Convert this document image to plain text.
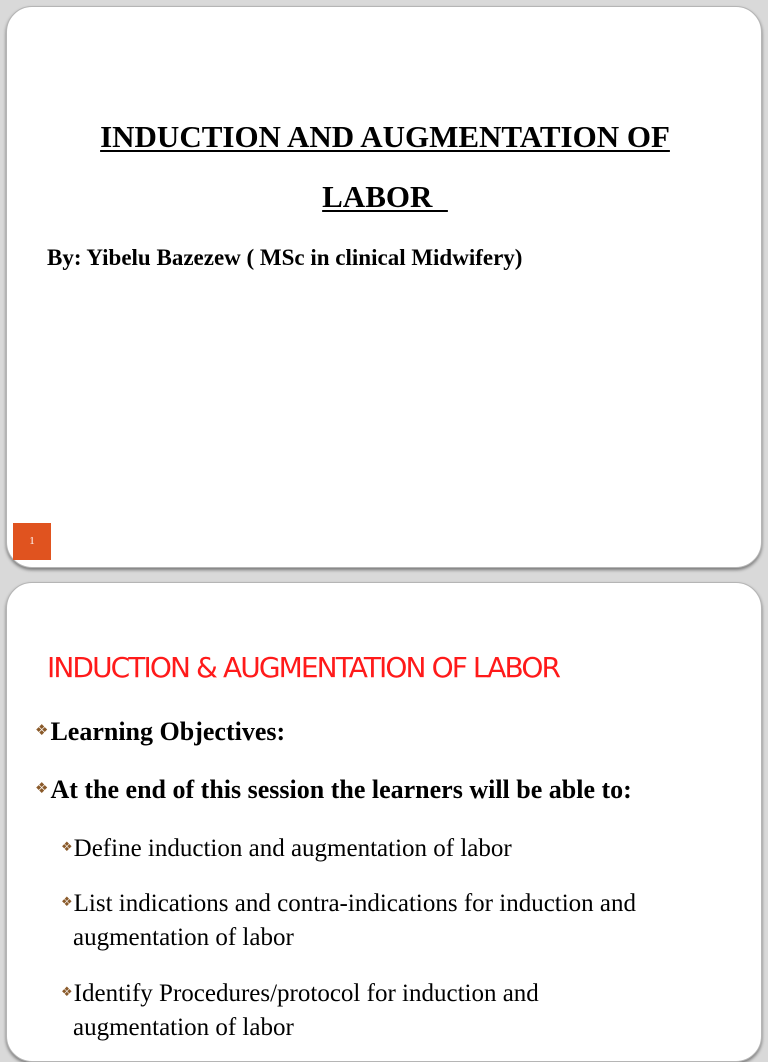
INDUCTION AND AUGMENTATION OF
LABOR
By: Yibelu Bazezew ( MSc in clinical Midwifery)
1
INDUCTION & AUGMENTATION OF LABOR
❖Learning Objectives:
❖At the end of this session the learners will be able to:
❖Define induction and augmentation of labor
❖List indications and contra-indications for induction and
augmentation of labor
❖Identify Procedures/protocol for induction and
augmentation of labor
